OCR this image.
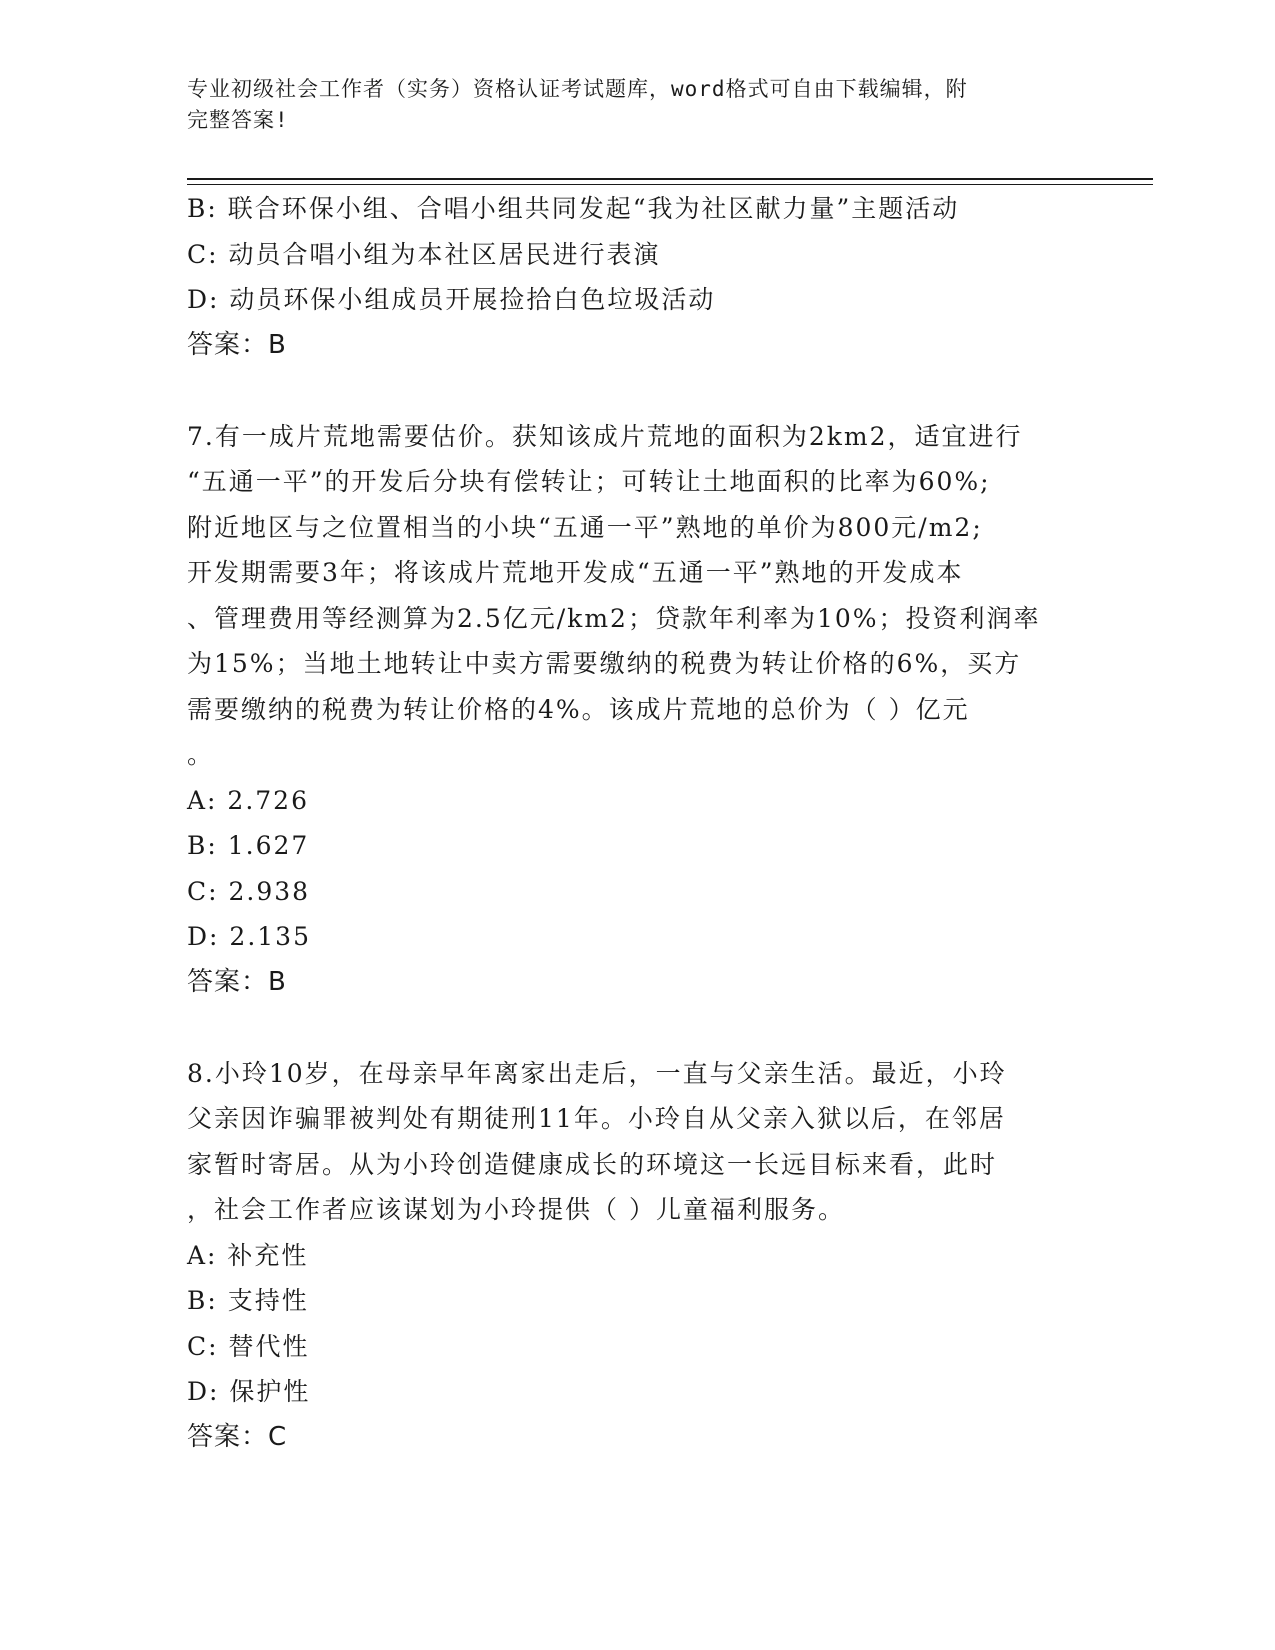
专业初级社会工作者（实务）资格认证考试题库，word格式可自由下载编辑，附
完整答案!
B: 联合环保小组、合唱小组共同发起“我为社区献力量”主题活动
C: 动员合唱小组为本社区居民进行表演
D: 动员环保小组成员开展捡拾白色垃圾活动
答案：B
7.有一成片荒地需要估价。获知该成片荒地的面积为2km2，适宜进行
“五通一平”的开发后分块有偿转让；可转让土地面积的比率为60%;
附近地区与之位置相当的小块“五通一平”熟地的单价为800元/m2;
开发期需要3年；将该成片荒地开发成“五通一平”熟地的开发成本
、管理费用等经测算为2.5亿元/km2；贷款年利率为10%；投资利润率
为15%；当地土地转让中卖方需要缴纳的税费为转让价格的6%，买方
需要缴纳的税费为转让价格的4%。该成片荒地的总价为（ ）亿元
。
A: 2.726
B: 1.627
C: 2.938
D: 2.135
答案：B
8.小玲10岁，在母亲早年离家出走后，一直与父亲生活。最近，小玲
父亲因诈骗罪被判处有期徒刑11年。小玲自从父亲入狱以后，在邻居
家暂时寄居。从为小玲创造健康成长的环境这一长远目标来看，此时
，社会工作者应该谋划为小玲提供（ ）儿童福利服务。
A: 补充性
B: 支持性
C: 替代性
D: 保护性
答案：C
